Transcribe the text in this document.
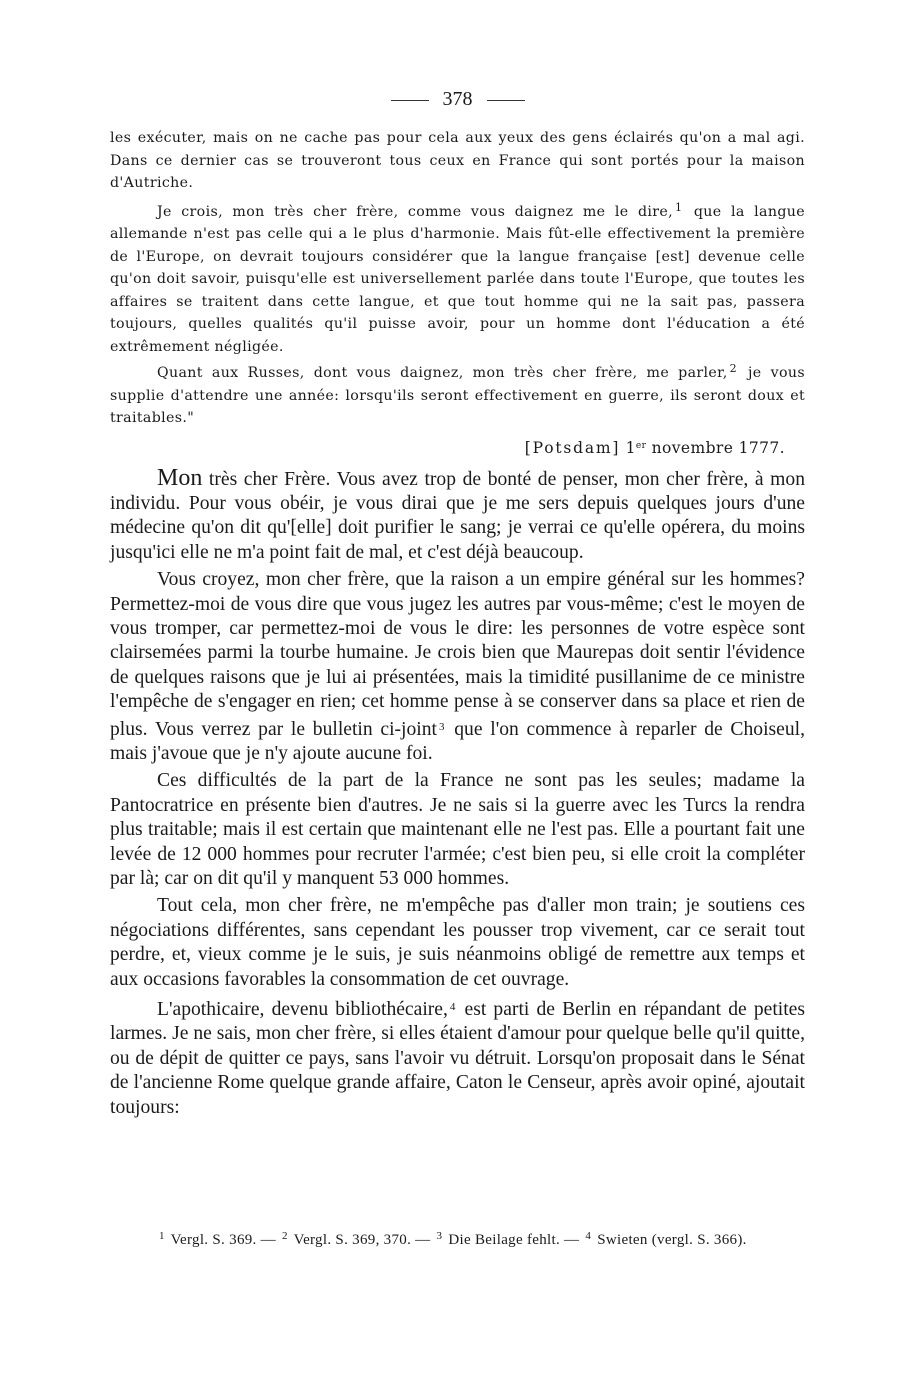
378

les exécuter, mais on ne cache pas pour cela aux yeux des gens éclairés qu'on a mal agi. Dans ce dernier cas se trouveront tous ceux en France qui sont portés pour la maison d'Autriche.

Je crois, mon très cher frère, comme vous daignez me le dire, $^1$ que la langue allemande n'est pas celle qui a le plus d'harmonie. Mais fût-elle effectivement la première de l'Europe, on devrait toujours considérer que la langue française [est] devenue celle qu'on doit savoir, puisqu'elle est universellement parlée dans toute l'Europe, que toutes les affaires se traitent dans cette langue, et que tout homme qui ne la sait pas, passera toujours, quelles qualités qu'il puisse avoir, pour un homme dont l'éducation a été extrêmement négligée.

Quant aux Russes, dont vous daignez, mon très cher frère, me parler, $^2$ je vous supplie d'attendre une année: lorsqu'ils seront effectivement en guerre, ils seront doux et traitables."

[Potsdam] 1er novembre 1777.

Mon très cher Frère. Vous avez trop de bonté de penser, mon cher frère, à mon individu. Pour vous obéir, je vous dirai que je me sers depuis quelques jours d'une médecine qu'on dit qu'[elle] doit purifier le sang; je verrai ce qu'elle opérera, du moins jusqu'ici elle ne m'a point fait de mal, et c'est déjà beaucoup.

Vous croyez, mon cher frère, que la raison a un empire général sur les hommes? Permettez-moi de vous dire que vous jugez les autres par vous-même; c'est le moyen de vous tromper, car permettez-moi de vous le dire: les personnes de votre espèce sont clairsemées parmi la tourbe humaine. Je crois bien que Maurepas doit sentir l'évidence de quelques raisons que je lui ai présentées, mais la timidité pusillanime de ce ministre l'empêche de s'engager en rien; cet homme pense à se conserver dans sa place et rien de plus. Vous verrez par le bulletin ci-joint $^3$ que l'on commence à reparler de Choiseul, mais j'avoue que je n'y ajoute aucune foi.

Ces difficultés de la part de la France ne sont pas les seules; madame la Pantocratrice en présente bien d'autres. Je ne sais si la guerre avec les Turcs la rendra plus traitable; mais il est certain que maintenant elle ne l'est pas. Elle a pourtant fait une levée de 12 000 hommes pour recruter l'armée; c'est bien peu, si elle croit la compléter par là; car on dit qu'il y manquent 53 000 hommes.

Tout cela, mon cher frère, ne m'empêche pas d'aller mon train; je soutiens ces négociations différentes, sans cependant les pousser trop vivement, car ce serait tout perdre, et, vieux comme je le suis, je suis néanmoins obligé de remettre aux temps et aux occasions favorables la consommation de cet ouvrage.

L'apothicaire, devenu bibliothécaire, $^4$ est parti de Berlin en répandant de petites larmes. Je ne sais, mon cher frère, si elles étaient d'amour pour quelque belle qu'il quitte, ou de dépit de quitter ce pays, sans l'avoir vu détruit. Lorsqu'on proposait dans le Sénat de l'ancienne Rome quelque grande affaire, Caton le Censeur, après avoir opiné, ajoutait toujours:

$^1$ Vergl. S. 369. — $^2$ Vergl. S. 369, 370. — $^3$ Die Beilage fehlt. — $^4$ Swieten (vergl. S. 366).
